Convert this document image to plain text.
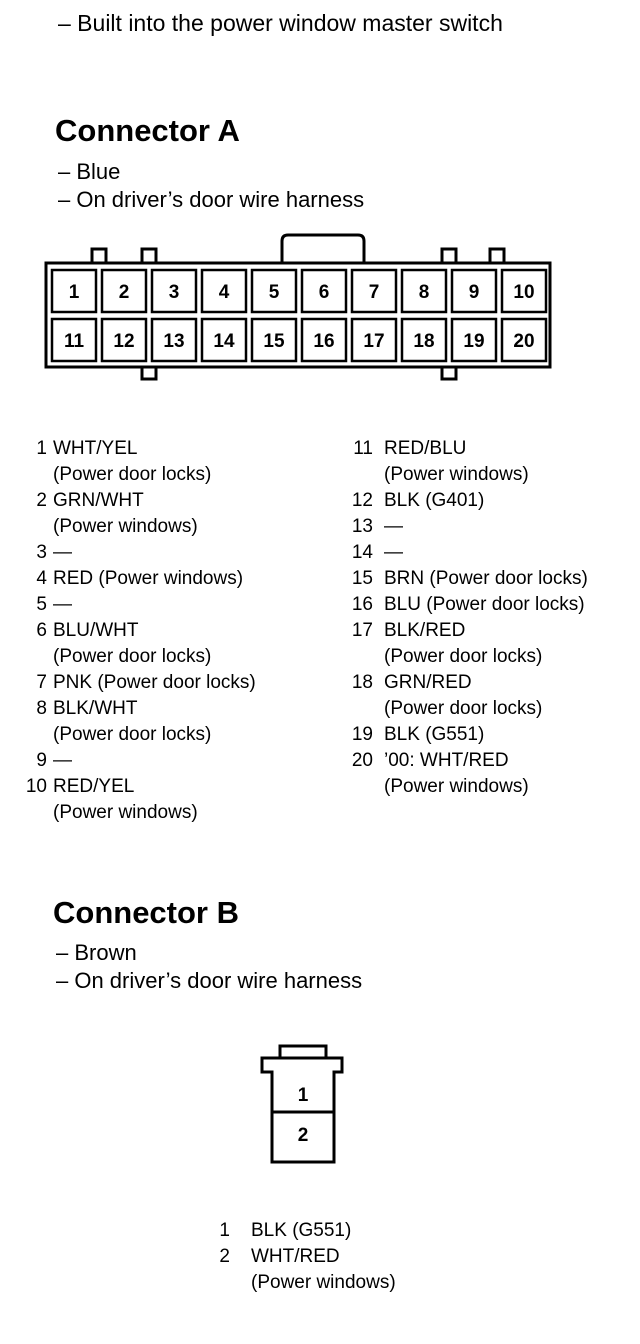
– Built into the power window master switch
Connector A
– Blue
– On driver’s door wire harness
1 2 3 4 5 6 7 8 9 10
11 12 13 14 15 16 17 18 19 20
1 WHT/YEL
(Power door locks)
2 GRN/WHT
(Power windows)
3 —
4 RED (Power windows)
5 —
6 BLU/WHT
(Power door locks)
7 PNK (Power door locks)
8 BLK/WHT
(Power door locks)
9 —
10 RED/YEL
(Power windows)
11 RED/BLU
(Power windows)
12 BLK (G401)
13 —
14 —
15 BRN (Power door locks)
16 BLU (Power door locks)
17 BLK/RED
(Power door locks)
18 GRN/RED
(Power door locks)
19 BLK (G551)
20 ’00: WHT/RED
(Power windows)
Connector B
– Brown
– On driver’s door wire harness
1
2
1 BLK (G551)
2 WHT/RED
(Power windows)
